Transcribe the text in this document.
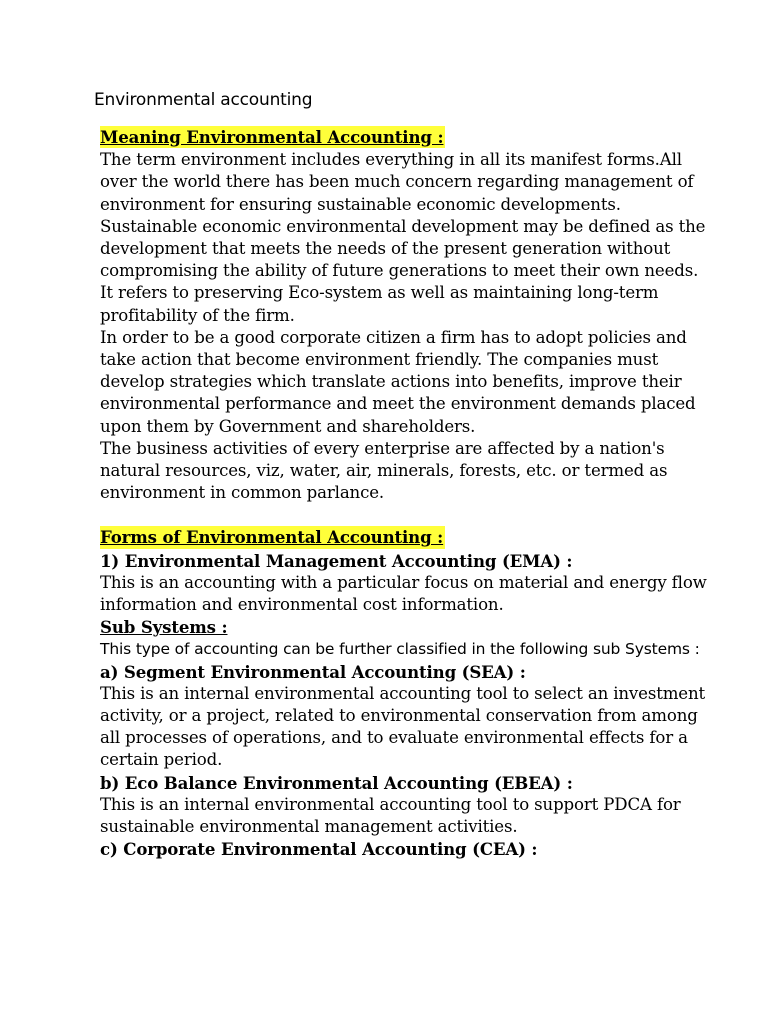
Environmental accounting
Meaning Environmental Accounting :

The term environment includes everything in all its manifest forms.All over the world there has been much concern regarding management of environment for ensuring sustainable economic developments. Sustainable economic environmental development may be defined as the development that meets the needs of the present generation without compromising the ability of future generations to meet their own needs. It refers to preserving Eco-system as well as maintaining long-term profitability of the firm.

In order to be a good corporate citizen a firm has to adopt policies and take action that become environment friendly. The companies must develop strategies which translate actions into benefits, improve their environmental performance and meet the environment demands placed upon them by Government and shareholders.

The business activities of every enterprise are affected by a nation's natural resources, viz, water, air, minerals, forests, etc. or termed as environment in common parlance.

Forms of Environmental Accounting :

1) Environmental Management Accounting (EMA) :

This is an accounting with a particular focus on material and energy flow information and environmental cost information.

Sub Systems :

This type of accounting can be further classified in the following sub Systems :

a) Segment Environmental Accounting (SEA) :

This is an internal environmental accounting tool to select an investment activity, or a project, related to environmental conservation from among all processes of operations, and to evaluate environmental effects for a certain period.

b) Eco Balance Environmental Accounting (EBEA) :

This is an internal environmental accounting tool to support PDCA for sustainable environmental management activities.

c) Corporate Environmental Accounting (CEA) :
